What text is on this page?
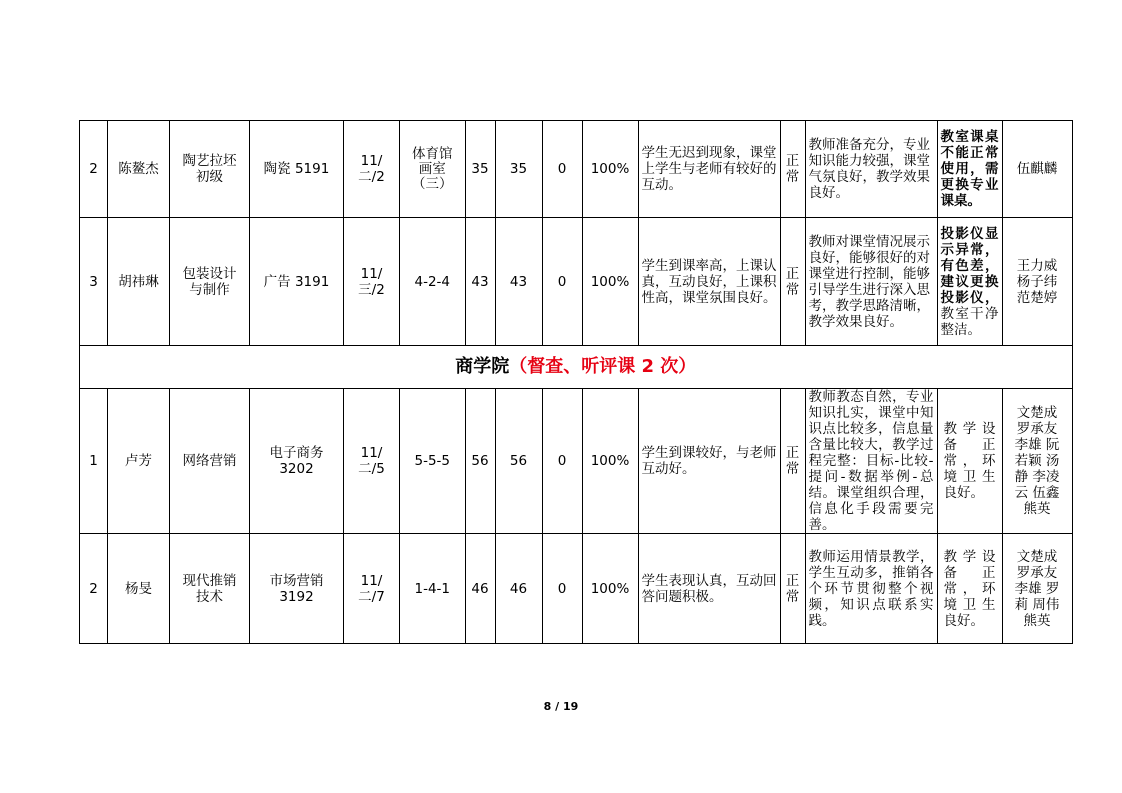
2	陈鳌杰	陶艺拉坯初级	陶瓷 5191	11/二/2	体育馆画室（三）	35	35	0	100%	学生无迟到现象，课堂上学生与老师有较好的互动。	正常	教师准备充分，专业知识能力较强，课堂气氛良好，教学效果良好。	教室课桌不能正常使用，需更换专业课桌。	伍麒麟
3	胡祎琳	包装设计与制作	广告 3191	11/三/2	4-2-4	43	43	0	100%	学生到课率高，上课认真，互动良好，上课积性高，课堂氛围良好。	正常	教师对课堂情况展示良好，能够很好的对课堂进行控制，能够引导学生进行深入思考，教学思路清晰，教学效果良好。	投影仪显示异常，有色差，建议更换投影仪，教室干净整洁。	王力威 杨子纬 范楚婷
商学院（督查、听评课 2 次）														
1	卢芳	网络营销	电子商务3202	11/二/5	5-5-5	56	56	0	100%	学生到课较好，与老师互动好。	正常	教师教态自然，专业知识扎实，课堂中知识点比较多，信息量含量比较大，教学过程完整：目标-比较-提问-数据举例-总结。课堂组织合理，信息化手段需要完善。	教学设备正常，环境卫生良好。	文楚成 罗承友 李雄 阮若颖 汤静 李凌云 伍鑫 熊英
2	杨旻	现代推销技术	市场营销3192	11/二/7	1-4-1	46	46	0	100%	学生表现认真，互动回答问题积极。	正常	教师运用情景教学，学生互动多，推销各个环节贯彻整个视频，知识点联系实践。	教学设备正常，环境卫生良好。	文楚成 罗承友 李雄 罗莉 周伟 熊英
8 / 19
